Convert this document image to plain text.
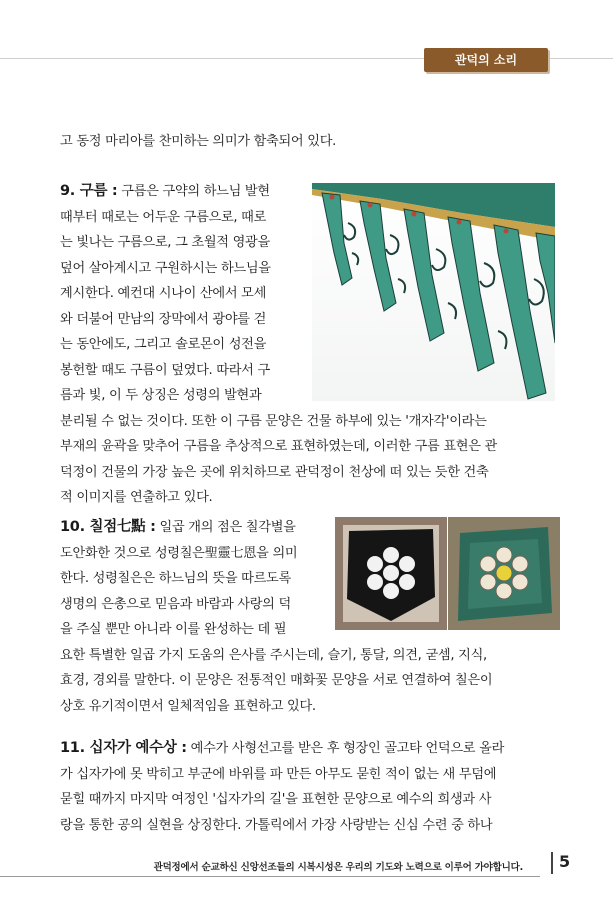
관덕의 소리
고 동정 마리아를 찬미하는 의미가 함축되어 있다.
9. 구름 : 구름은 구약의 하느님 발현
때부터 때로는 어두운 구름으로, 때로
는 빛나는 구름으로, 그 초월적 영광을
덮어 살아계시고 구원하시는 하느님을
계시한다. 예컨대 시나이 산에서 모세
와 더불어 만남의 장막에서 광야를 걷
는 동안에도, 그리고 솔로몬이 성전을
봉헌할 때도 구름이 덮였다. 따라서 구
름과 빛, 이 두 상징은 성령의 발현과
분리될 수 없는 것이다. 또한 이 구름 문양은 건물 하부에 있는 '개자각'이라는
부재의 윤곽을 맞추어 구름을 추상적으로 표현하였는데, 이러한 구름 표현은 관
덕정이 건물의 가장 높은 곳에 위치하므로 관덕정이 천상에 떠 있는 듯한 건축
적 이미지를 연출하고 있다.
10. 칠점七點 : 일곱 개의 점은 칠각별을
도안화한 것으로 성령칠은聖靈七恩을 의미
한다. 성령칠은은 하느님의 뜻을 따르도록
생명의 은총으로 믿음과 바람과 사랑의 덕
을 주실 뿐만 아니라 이를 완성하는 데 필
요한 특별한 일곱 가지 도움의 은사를 주시는데, 슬기, 통달, 의견, 굳셈, 지식,
효경, 경외를 말한다. 이 문양은 전통적인 매화꽃 문양을 서로 연결하여 칠은이
상호 유기적이면서 일체적임을 표현하고 있다.
11. 십자가 예수상 : 예수가 사형선고를 받은 후 형장인 골고타 언덕으로 올라
가 십자가에 못 박히고 부군에 바위를 파 만든 아무도 묻힌 적이 없는 새 무덤에
묻힐 때까지 마지막 여정인 '십자가의 길'을 표현한 문양으로 예수의 희생과 사
랑을 통한 공의 실현을 상징한다. 가톨릭에서 가장 사랑받는 신심 수련 중 하나
관덕정에서 순교하신 신앙선조들의 시복시성은 우리의 기도와 노력으로 이루어 가야합니다. 5
